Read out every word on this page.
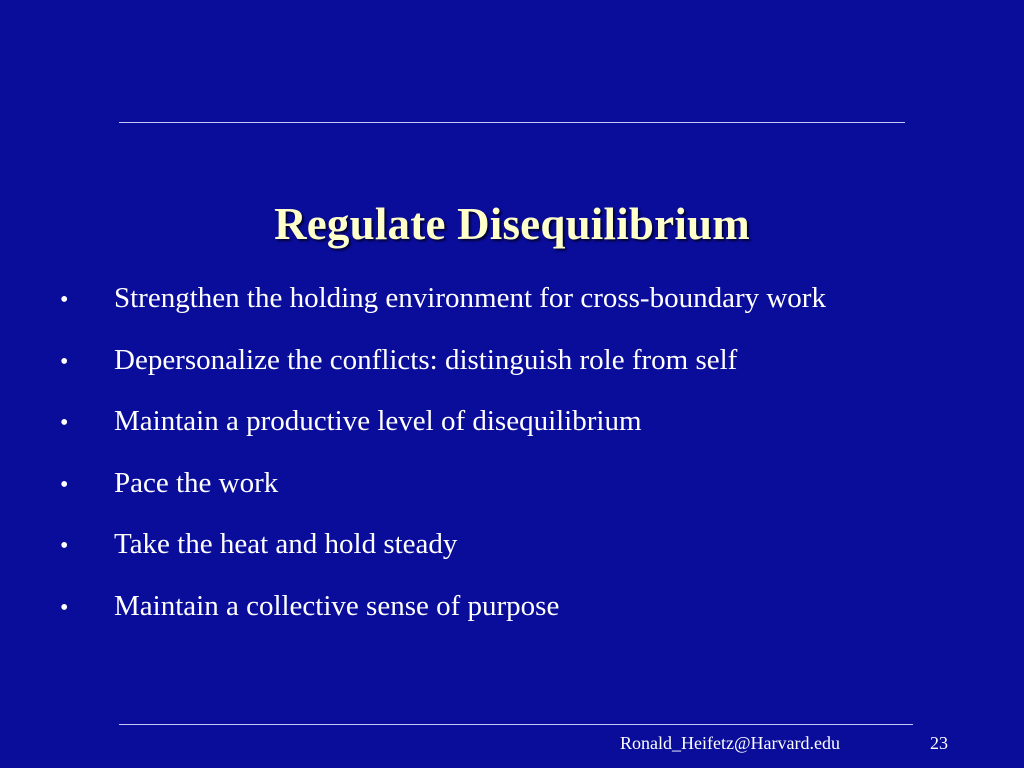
Regulate Disequilibrium
• Strengthen the holding environment for cross-boundary work
• Depersonalize the conflicts: distinguish role from self
• Maintain a productive level of disequilibrium
• Pace the work
• Take the heat and hold steady
• Maintain a collective sense of purpose
Ronald_Heifetz@Harvard.edu	23
